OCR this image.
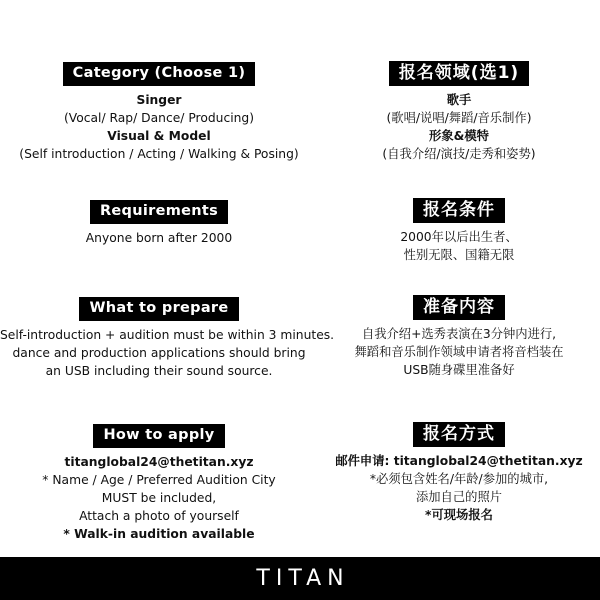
Category (Choose 1)
Singer
(Vocal/ Rap/ Dance/ Producing)
Visual & Model
(Self introduction / Acting / Walking & Posing)
Requirements
Anyone born after 2000
What to prepare
Self-introduction + audition must be within 3 minutes.
dance and production applications should bring
an USB including their sound source.
How to apply
titanglobal24@thetitan.xyz
* Name / Age / Preferred Audition City
MUST be included,
Attach a photo of yourself
* Walk-in audition available
报名领域(选1)
歌手
(歌唱/说唱/舞蹈/音乐制作)
形象&模特
(自我介绍/演技/走秀和姿势)
报名条件
2000年以后出生者、
性别无限、国籍无限
准备内容
自我介绍+选秀表演在3分钟内进行,
舞蹈和音乐制作领域申请者将音档装在
USB随身碟里准备好
报名方式
邮件申请: titanglobal24@thetitan.xyz
*必须包含姓名/年龄/参加的城市,
添加自己的照片
*可现场报名
TITAN
